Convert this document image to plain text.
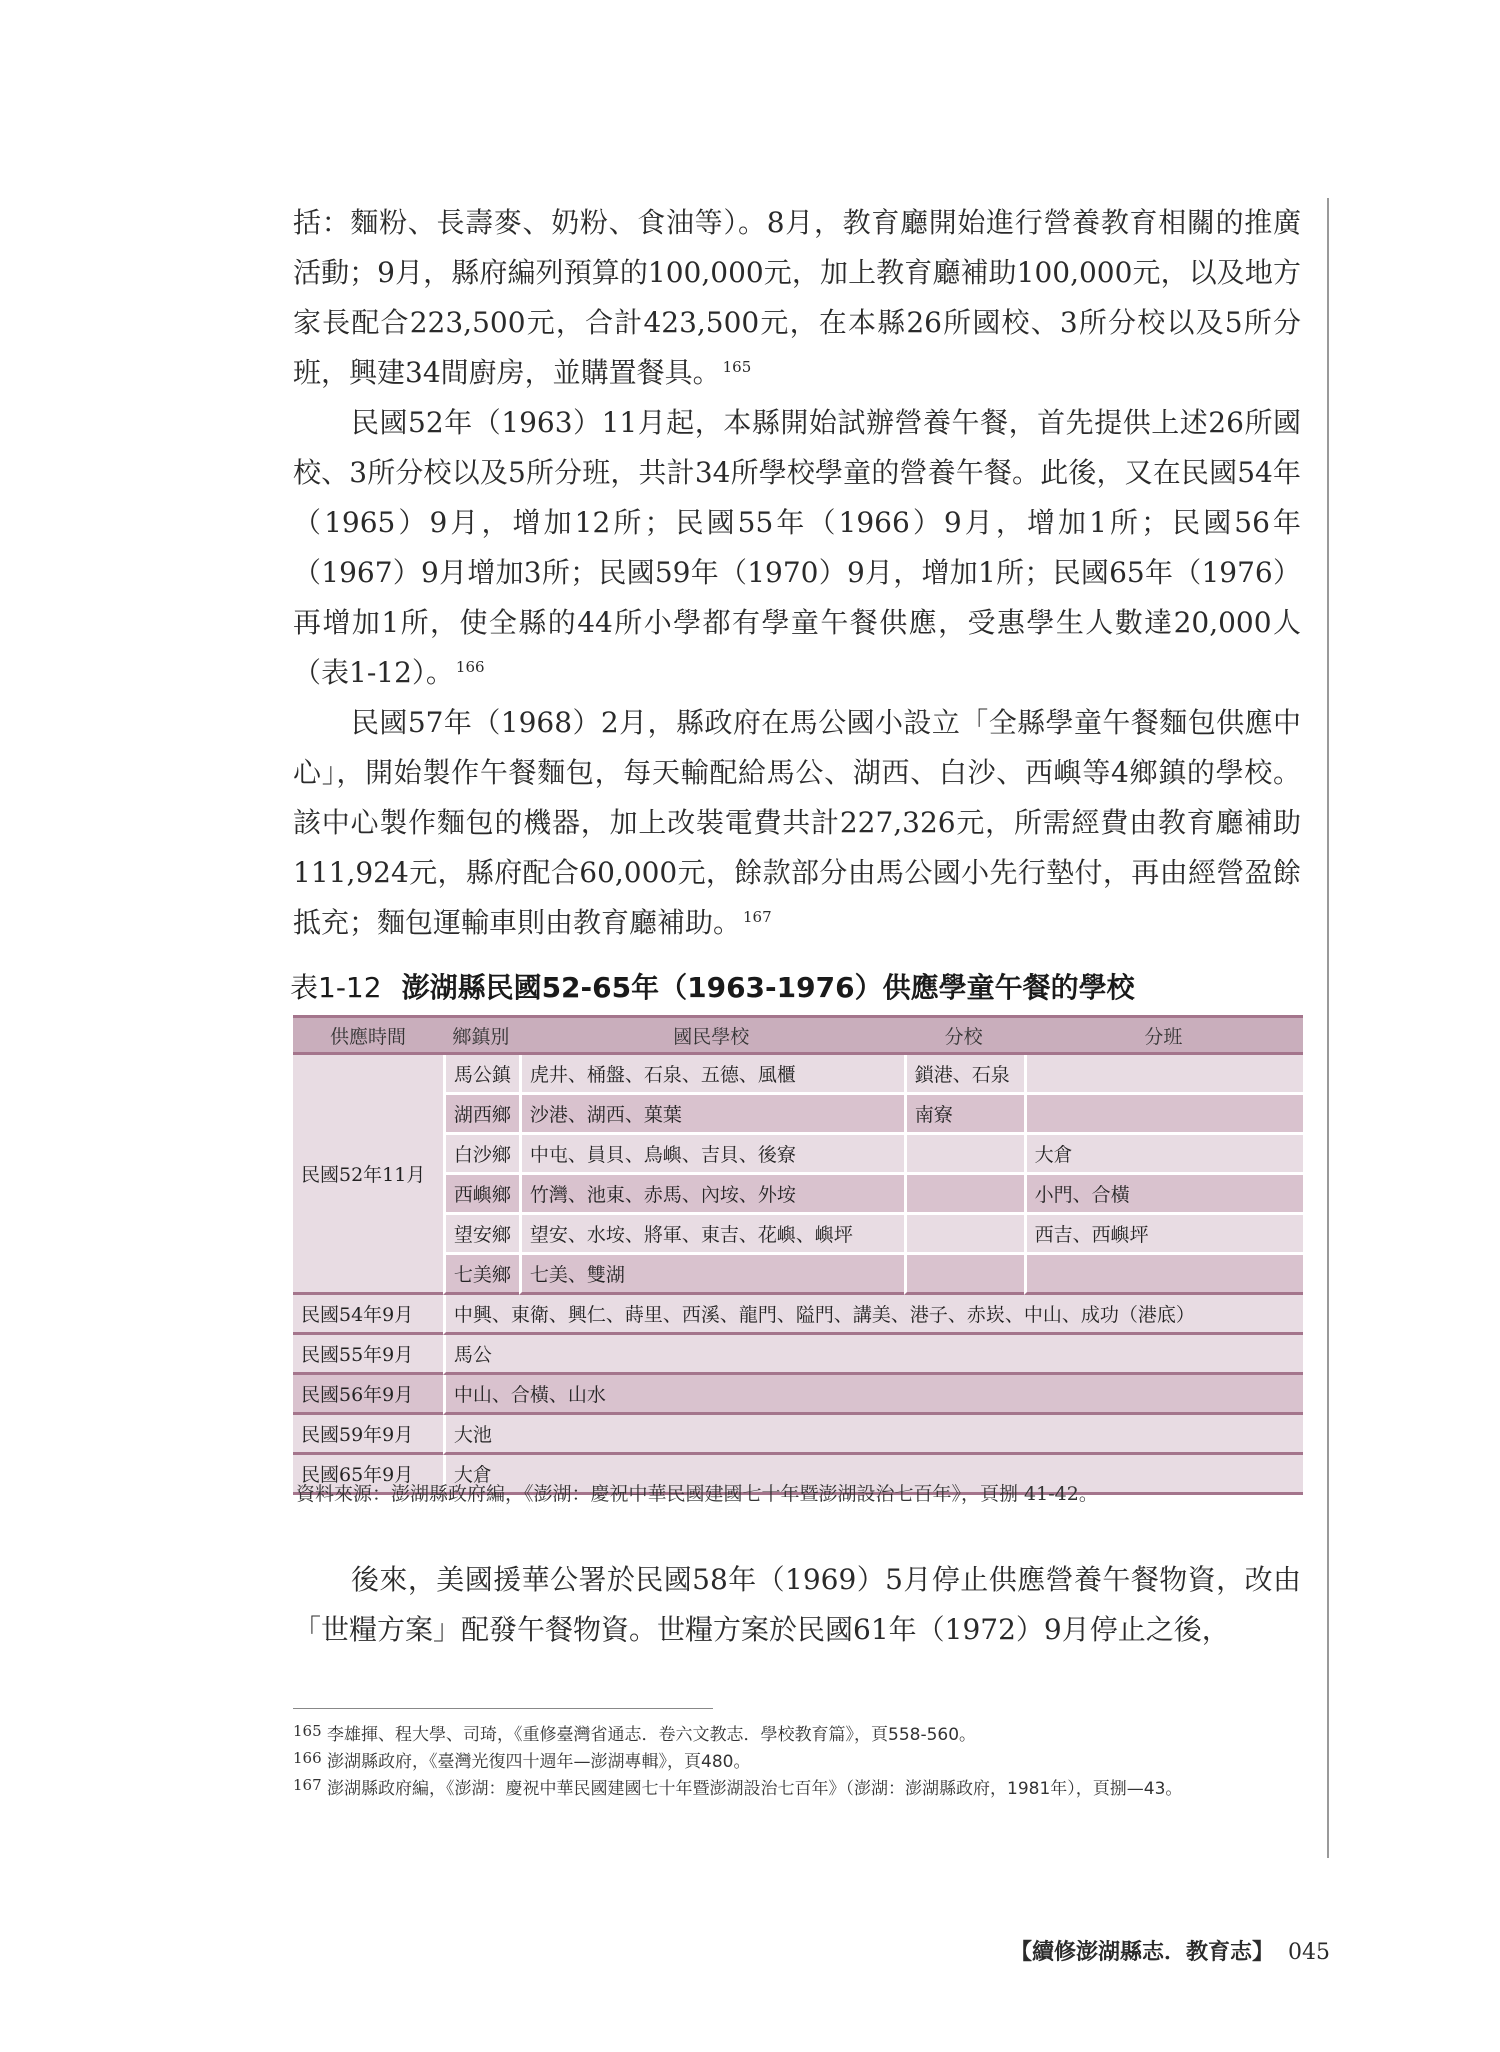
括：麵粉、長壽麥、奶粉、食油等）。8月，教育廳開始進行營養教育相關的推廣活動；9月，縣府編列預算的100,000元，加上教育廳補助100,000元，以及地方家長配合223,500元，合計423,500元，在本縣26所國校、3所分校以及5所分班，興建34間廚房，並購置餐具。 $^{165}$

民國52年（1963）11月起，本縣開始試辦營養午餐，首先提供上述26所國校、3所分校以及5所分班，共計34所學校學童的營養午餐。此後，又在民國54年（1965）9月，增加12所；民國55年（1966）9月，增加1所；民國56年（1967）9月增加3所；民國59年（1970）9月，增加1所；民國65年（1976）再增加1所，使全縣的44所小學都有學童午餐供應，受惠學生人數達20,000人（表1-12）。 $^{166}$

民國57年（1968）2月，縣政府在馬公國小設立「全縣學童午餐麵包供應中心」，開始製作午餐麵包，每天輸配給馬公、湖西、白沙、西嶼等4鄉鎮的學校。該中心製作麵包的機器，加上改裝電費共計227,326元，所需經費由教育廳補助111,924元，縣府配合60,000元，餘款部分由馬公國小先行墊付，再由經營盈餘抵充；麵包運輸車則由教育廳補助。 $^{167}$

表1-12 澎湖縣民國52-65年（1963-1976）供應學童午餐的學校
供應時間	鄉鎮別	國民學校	分校	分班
民國52年11月	馬公鎮	虎井、桶盤、石泉、五德、風櫃	鎖港、石泉	
	湖西鄉	沙港、湖西、菓葉	南寮	
	白沙鄉	中屯、員貝、鳥嶼、吉貝、後寮		大倉
	西嶼鄉	竹灣、池東、赤馬、內垵、外垵		小門、合橫
	望安鄉	望安、水垵、將軍、東吉、花嶼、嶼坪		西吉、西嶼坪
	七美鄉	七美、雙湖		
民國54年9月	中興、東衛、興仁、蒔里、西溪、龍門、隘門、講美、港子、赤崁、中山、成功（港底）			
民國55年9月	馬公			
民國56年9月	中山、合橫、山水			
民國59年9月	大池			
民國65年9月	大倉			
資料來源：澎湖縣政府編，《澎湖：慶祝中華民國建國七十年暨澎湖設治七百年》，頁捌 41-42。

後來，美國援華公署於民國58年（1969）5月停止供應營養午餐物資，改由「世糧方案」配發午餐物資。世糧方案於民國61年（1972）9月停止之後，

165 李雄揮、程大學、司琦，《重修臺灣省通志．卷六文教志．學校教育篇》，頁558-560。
166 澎湖縣政府，《臺灣光復四十週年—澎湖專輯》，頁480。
167 澎湖縣政府編，《澎湖：慶祝中華民國建國七十年暨澎湖設治七百年》（澎湖：澎湖縣政府，1981年），頁捌—43。
【續修澎湖縣志．教育志】 045
